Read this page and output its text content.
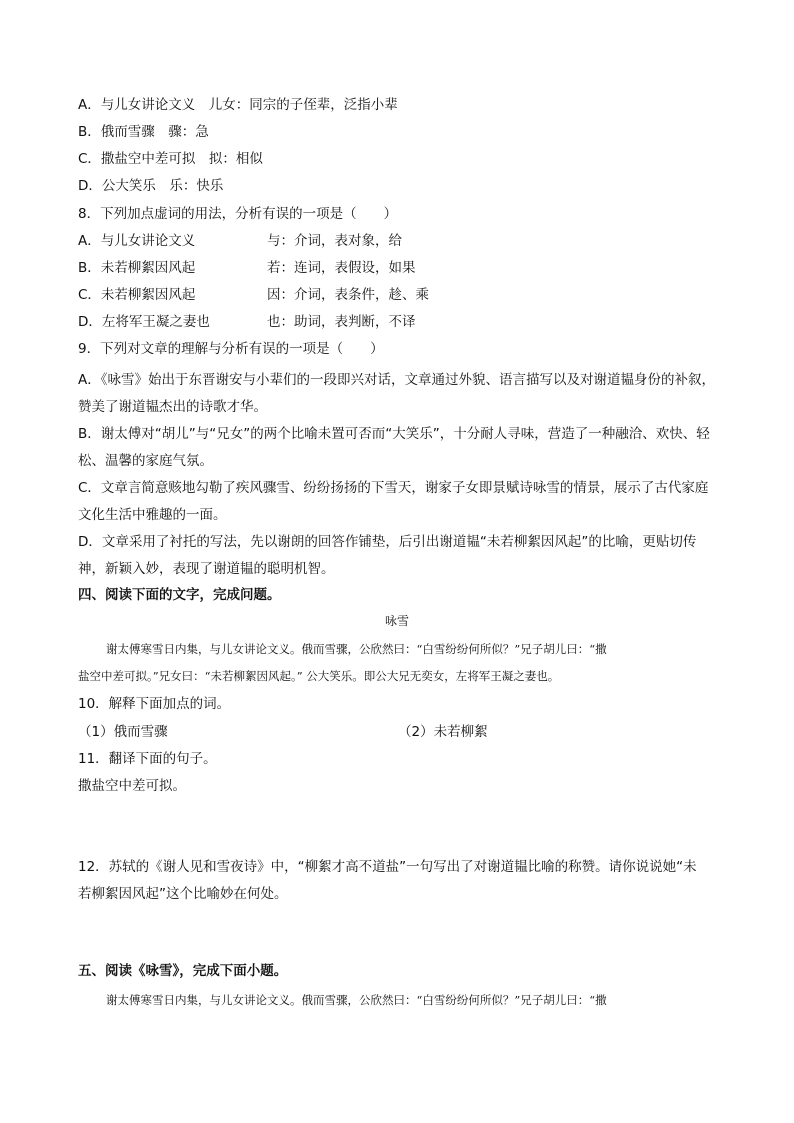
A．与儿女讲论文义　儿女：同宗的子侄辈，泛指小辈
B．俄而雪骤　骤：急
C．撒盐空中差可拟　拟：相似
D．公大笑乐　乐：快乐
8．下列加点虚词的用法，分析有误的一项是（　　）
A．与儿女讲论文义	与：介词，表对象，给
B．未若柳絮因风起	若：连词，表假设，如果
C．未若柳絮因风起	因：介词，表条件，趁、乘
D．左将军王凝之妻也	也：助词，表判断，不译
9．下列对文章的理解与分析有误的一项是（　　）
A．《咏雪》始出于东晋谢安与小辈们的一段即兴对话，文章通过外貌、语言描写以及对谢道韫身份的补叙，赞美了谢道韫杰出的诗歌才华。
B．谢太傅对“胡儿”与“兄女”的两个比喻未置可否而“大笑乐”，十分耐人寻味，营造了一种融洽、欢快、轻松、温馨的家庭气氛。
C．文章言简意赅地勾勒了疾风骤雪、纷纷扬扬的下雪天，谢家子女即景赋诗咏雪的情景，展示了古代家庭文化生活中雅趣的一面。
D．文章采用了衬托的写法，先以谢朗的回答作铺垫，后引出谢道韫“未若柳絮因风起”的比喻，更贴切传神，新颖入妙，表现了谢道韫的聪明机智。
四、阅读下面的文字，完成问题。
咏雪
谢太傅寒雪日内集，与儿女讲论文义。俄而雪骤，公欣然曰：“白雪纷纷何所似？”兄子胡儿曰：“撒
盐空中差可拟。”兄女曰：“未若柳絮因风起。” 公大笑乐。即公大兄无奕女，左将军王凝之妻也。
10．解释下面加点的词。
（1）俄而雪骤	（2）未若柳絮
11．翻译下面的句子。
撒盐空中差可拟。
12．苏轼的《谢人见和雪夜诗》中，“柳絮才高不道盐”一句写出了对谢道韫比喻的称赞。请你说说她“未
若柳絮因风起”这个比喻妙在何处。
五、阅读《咏雪》，完成下面小题。
谢太傅寒雪日内集，与儿女讲论文义。俄而雪骤，公欣然曰：“白雪纷纷何所似？”兄子胡儿曰：“撒
